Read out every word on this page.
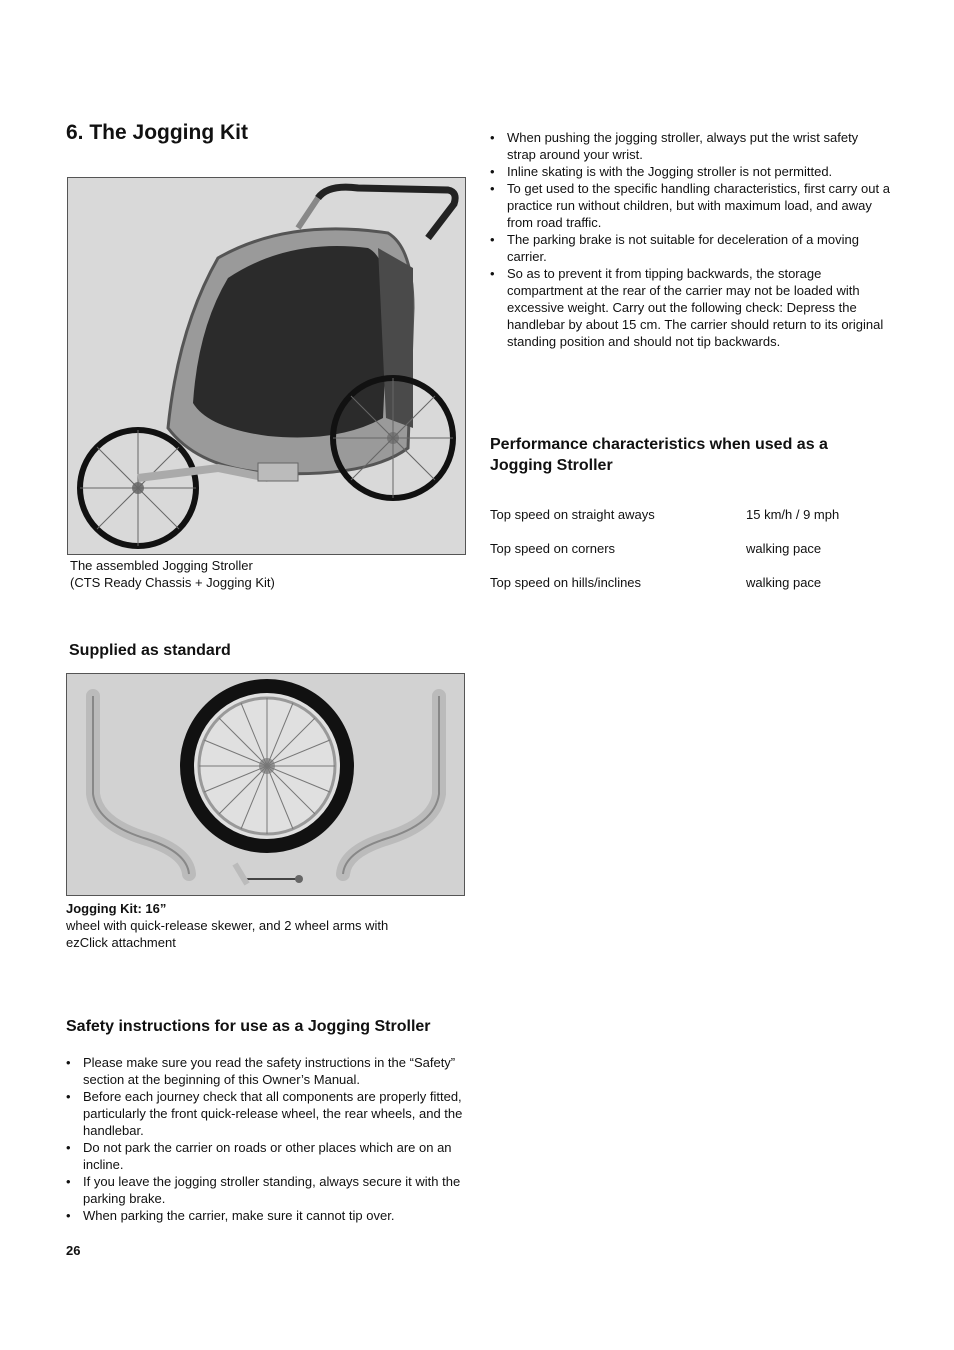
6. The Jogging Kit
The assembled Jogging Stroller
(CTS Ready Chassis + Jogging Kit)
Supplied as standard
Jogging Kit: 16”
wheel with quick-release skewer, and 2 wheel arms with
ezClick attachment
Safety instructions for use as a Jogging Stroller
• Please make sure you read the safety instructions in the “Safety” section at the beginning of this Owner’s Manual.
• Before each journey check that all components are properly fitted, particularly the front quick-release wheel, the rear wheels, and the handlebar.
• Do not park the carrier on roads or other places which are on an incline.
• If you leave the jogging stroller standing, always secure it with the parking brake.
• When parking the carrier, make sure it cannot tip over.
• When pushing the jogging stroller, always put the wrist safety strap around your wrist.
• Inline skating is with the Jogging stroller is not permitted.
• To get used to the specific handling characteristics, first carry out a practice run without children, but with maximum load, and away from road traffic.
• The parking brake is not suitable for deceleration of a moving carrier.
• So as to prevent it from tipping backwards, the storage compartment at the rear of the carrier may not be loaded with excessive weight. Carry out the following check: Depress the handlebar by about 15 cm. The carrier should return to its original standing position and should not tip backwards.
Performance characteristics when used as a Jogging Stroller
Top speed on straight aways	15 km/h / 9 mph
Top speed on corners	walking pace
Top speed on hills/inclines	walking pace
26
